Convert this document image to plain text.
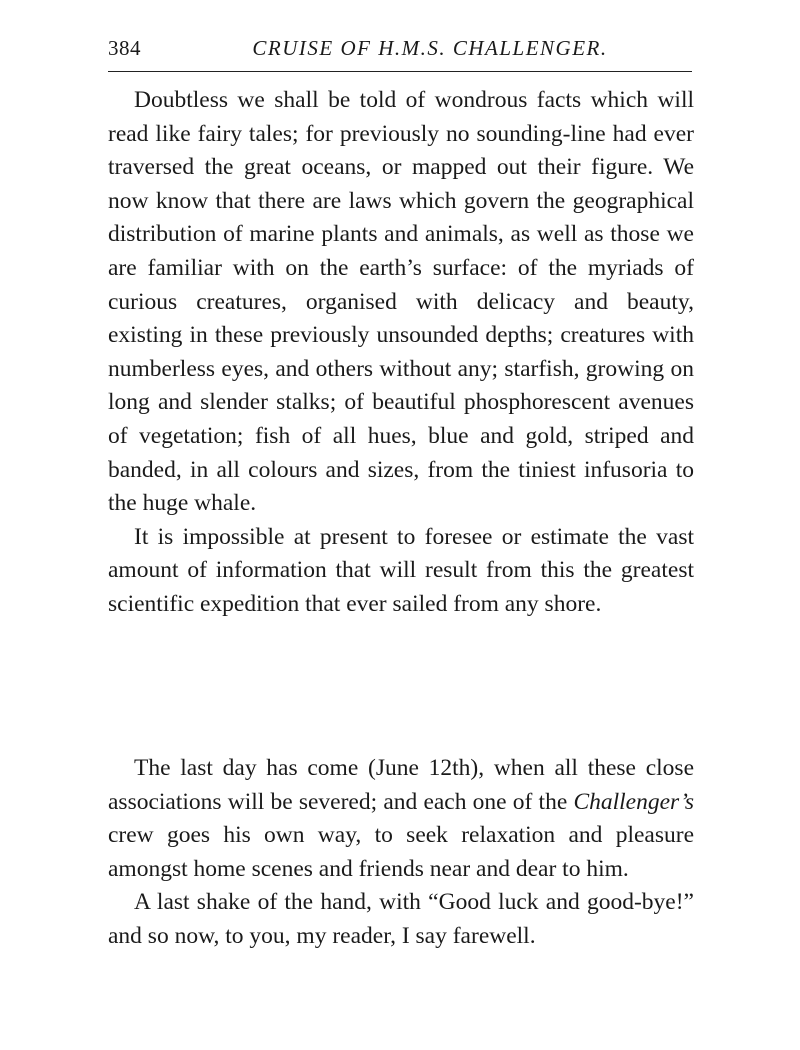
384	CRUISE OF H.M.S. CHALLENGER.

Doubtless we shall be told of wondrous facts which will read like fairy tales; for previously no sounding-line had ever traversed the great oceans, or mapped out their figure. We now know that there are laws which govern the geographical distribution of marine plants and animals, as well as those we are familiar with on the earth’s surface: of the myriads of curious creatures, organised with delicacy and beauty, existing in these previously unsounded depths; creatures with numberless eyes, and others without any; starfish, growing on long and slender stalks; of beautiful phosphorescent avenues of vegetation; fish of all hues, blue and gold, striped and banded, in all colours and sizes, from the tiniest infusoria to the huge whale.

It is impossible at present to foresee or estimate the vast amount of information that will result from this the greatest scientific expedition that ever sailed from any shore.

The last day has come (June 12th), when all these close associations will be severed; and each one of the Challenger’s crew goes his own way, to seek relaxation and pleasure amongst home scenes and friends near and dear to him.

A last shake of the hand, with “Good luck and good-bye!” and so now, to you, my reader, I say farewell.
